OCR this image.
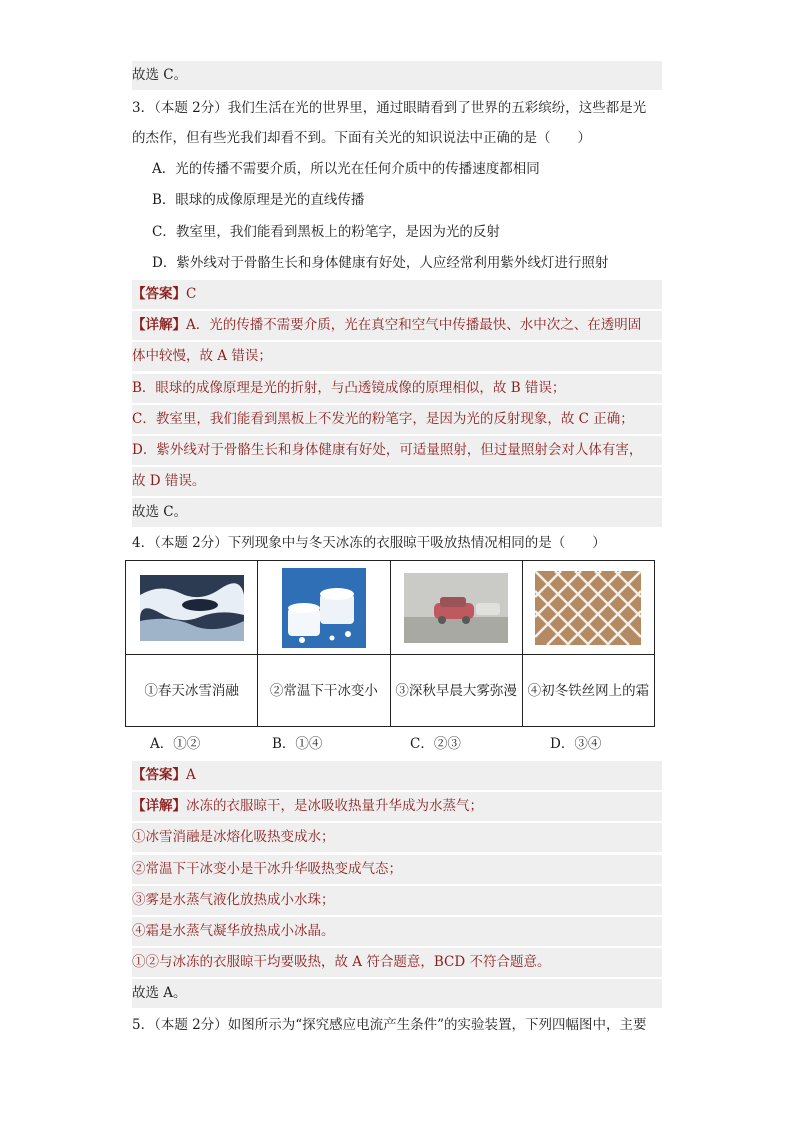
故选 C。
3．（本题 2分）我们生活在光的世界里，通过眼睛看到了世界的五彩缤纷，这些都是光
的杰作，但有些光我们却看不到。下面有关光的知识说法中正确的是（　　）
A．光的传播不需要介质，所以光在任何介质中的传播速度都相同
B．眼球的成像原理是光的直线传播
C．教室里，我们能看到黑板上的粉笔字，是因为光的反射
D．紫外线对于骨骼生长和身体健康有好处，人应经常利用紫外线灯进行照射
【答案】C
【详解】A．光的传播不需要介质，光在真空和空气中传播最快、水中次之、在透明固
体中较慢，故 A 错误；
B．眼球的成像原理是光的折射，与凸透镜成像的原理相似，故 B 错误；
C．教室里，我们能看到黑板上不发光的粉笔字，是因为光的反射现象，故 C 正确；
D．紫外线对于骨骼生长和身体健康有好处，可适量照射，但过量照射会对人体有害，
故 D 错误。
故选 C。
4．（本题 2分）下列现象中与冬天冰冻的衣服晾干吸放热情况相同的是（　　）

①春天冰雪消融	②常温下干冰变小	③深秋早晨大雾弥漫	④初冬铁丝网上的霜
A．①②	B．①④	C．②③	D．③④
【答案】A
【详解】冰冻的衣服晾干，是冰吸收热量升华成为水蒸气；
①冰雪消融是冰熔化吸热变成水；
②常温下干冰变小是干冰升华吸热变成气态；
③雾是水蒸气液化放热成小水珠；
④霜是水蒸气凝华放热成小冰晶。
①②与冰冻的衣服晾干均要吸热，故 A 符合题意，BCD 不符合题意。
故选 A。
5．（本题 2分）如图所示为“探究感应电流产生条件”的实验装置，下列四幅图中，主要
